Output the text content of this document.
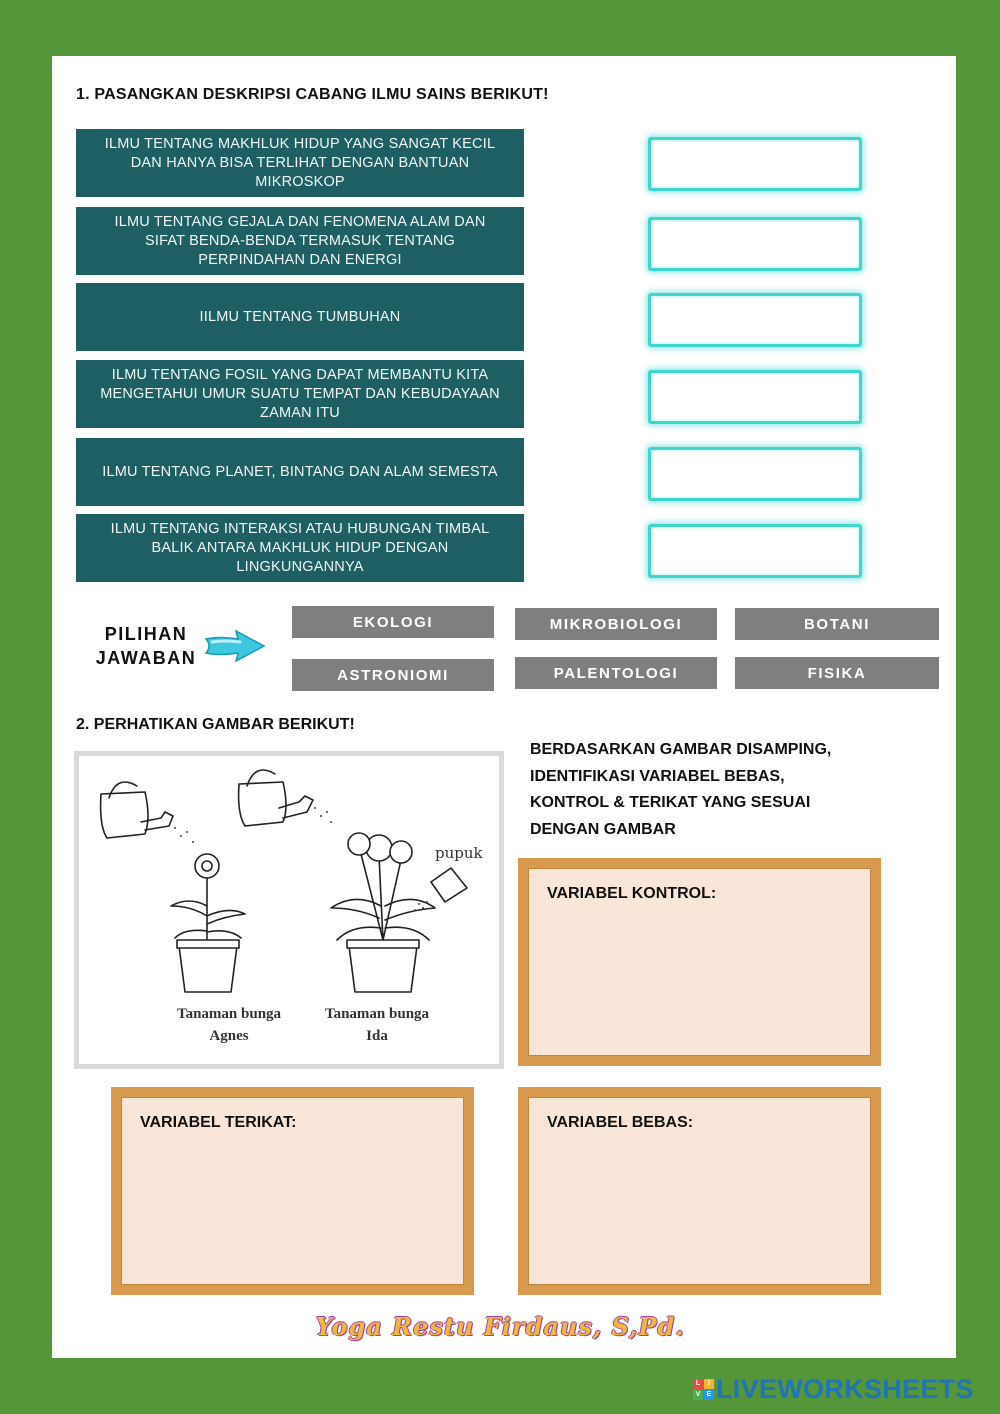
1. PASANGKAN DESKRIPSI CABANG ILMU SAINS BERIKUT!
ILMU TENTANG MAKHLUK HIDUP YANG SANGAT KECIL DAN HANYA BISA TERLIHAT DENGAN BANTUAN MIKROSKOP
ILMU TENTANG GEJALA DAN FENOMENA ALAM DAN SIFAT BENDA-BENDA TERMASUK TENTANG PERPINDAHAN DAN ENERGI
IILMU TENTANG TUMBUHAN
ILMU TENTANG FOSIL YANG DAPAT MEMBANTU KITA MENGETAHUI UMUR SUATU TEMPAT DAN KEBUDAYAAN ZAMAN ITU
ILMU TENTANG PLANET, BINTANG DAN ALAM SEMESTA
ILMU TENTANG INTERAKSI ATAU HUBUNGAN TIMBAL BALIK ANTARA MAKHLUK HIDUP DENGAN LINGKUNGANNYA
PILIHAN
JAWABAN
EKOLOGI	MIKROBIOLOGI	BOTANI
ASTRONIOMI	PALENTOLOGI	FISIKA
2. PERHATIKAN GAMBAR BERIKUT!
pupuk
Tanaman bunga
Agnes
Tanaman bunga
Ida
BERDASARKAN GAMBAR DISAMPING,
IDENTIFIKASI VARIABEL BEBAS,
KONTROL & TERIKAT YANG SESUAI
DENGAN GAMBAR
VARIABEL KONTROL:
VARIABEL TERIKAT:	VARIABEL BEBAS:
Yoga Restu Firdaus, S,Pd.
L	I
V E LIVEWORKSHEETS
